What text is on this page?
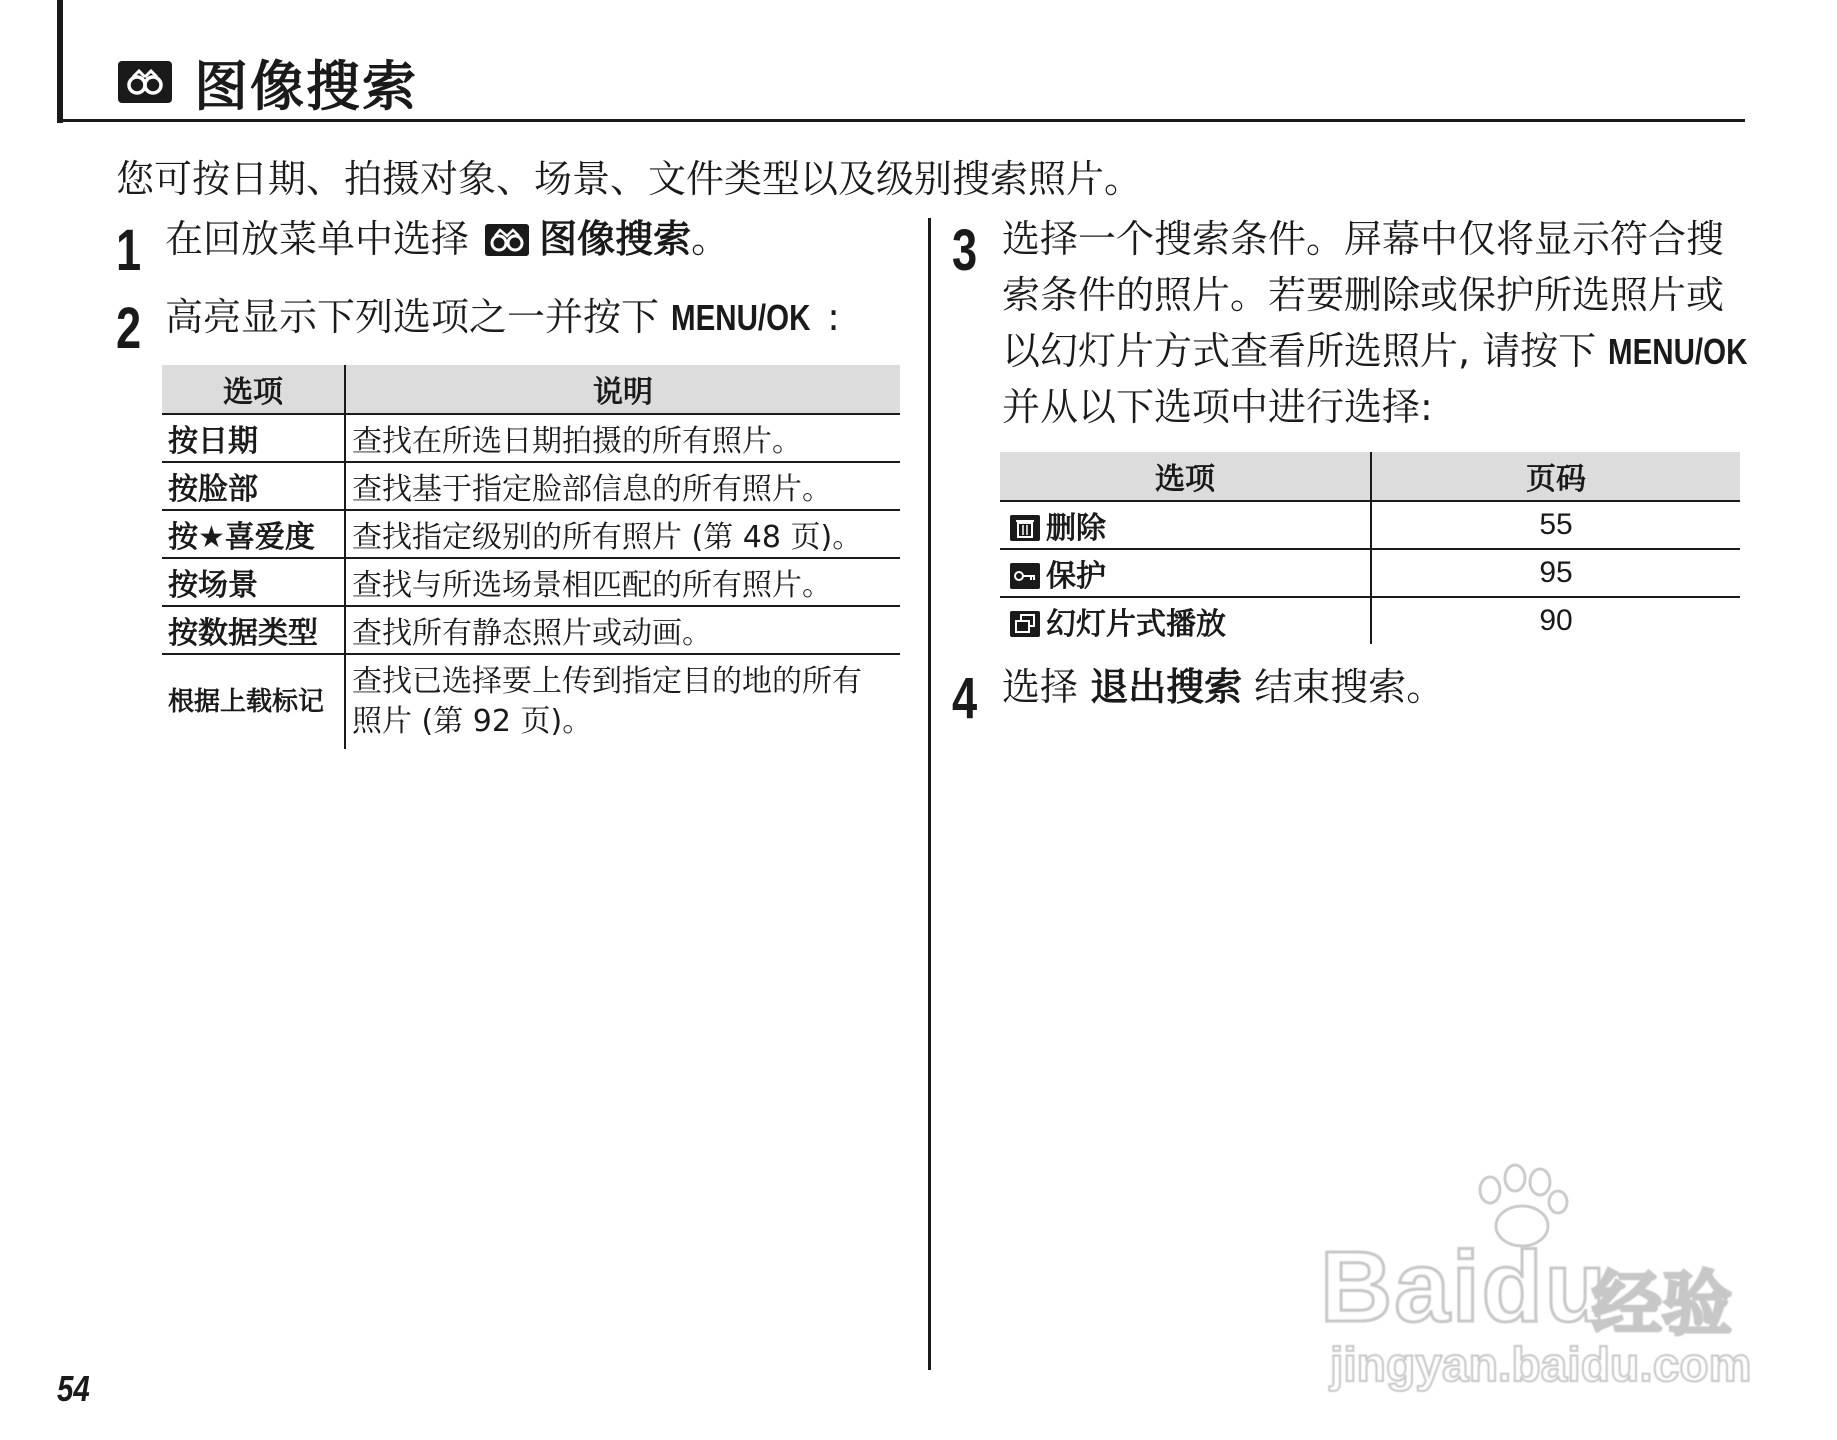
图像搜索
您可按日期、拍摄对象、场景、文件类型以及级别搜索照片。
1 在回放菜单中选择 图像搜索。
2 高亮显示下列选项之一并按下 MENU/OK :
选项	说明
按日期	查找在所选日期拍摄的所有照片。
按脸部	查找基于指定脸部信息的所有照片。
按★喜爱度	查找指定级别的所有照片 (第 48 页)。
按场景	查找与所选场景相匹配的所有照片。
按数据类型	查找所有静态照片或动画。
根据上载标记	查找已选择要上传到指定目的地的所有
照片 (第 92 页)。
3 选择一个搜索条件。屏幕中仅将显示符合搜
索条件的照片。若要删除或保护所选照片或
以幻灯片方式查看所选照片, 请按下 MENU/OK
并从以下选项中进行选择:
选项	页码
删除	55
保护	95
幻灯片式播放	90
4 选择 退出搜索 结束搜索。
54
Baidu
经验
jingyan.baidu.com
